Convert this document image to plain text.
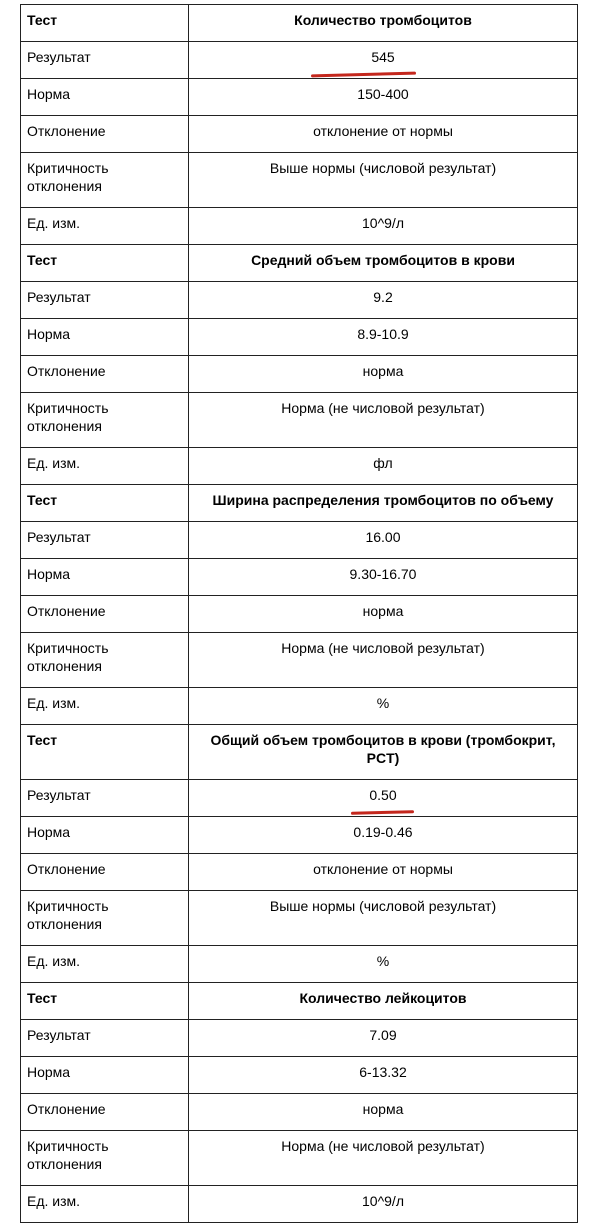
Тест	Количество тромбоцитов
Результат	545
Норма	150-400
Отклонение	отклонение от нормы
Критичность отклонения	Выше нормы (числовой результат)
Ед. изм.	10^9/л
Тест	Средний объем тромбоцитов в крови
Результат	9.2
Норма	8.9-10.9
Отклонение	норма
Критичность отклонения	Норма (не числовой результат)
Ед. изм.	фл
Тест	Ширина распределения тромбоцитов по объему
Результат	16.00
Норма	9.30-16.70
Отклонение	норма
Критичность отклонения	Норма (не числовой результат)
Ед. изм.	%
Тест	Общий объем тромбоцитов в крови (тромбокрит, PCT)
Результат	0.50
Норма	0.19-0.46
Отклонение	отклонение от нормы
Критичность отклонения	Выше нормы (числовой результат)
Ед. изм.	%
Тест	Количество лейкоцитов
Результат	7.09
Норма	6-13.32
Отклонение	норма
Критичность отклонения	Норма (не числовой результат)
Ед. изм.	10^9/л
